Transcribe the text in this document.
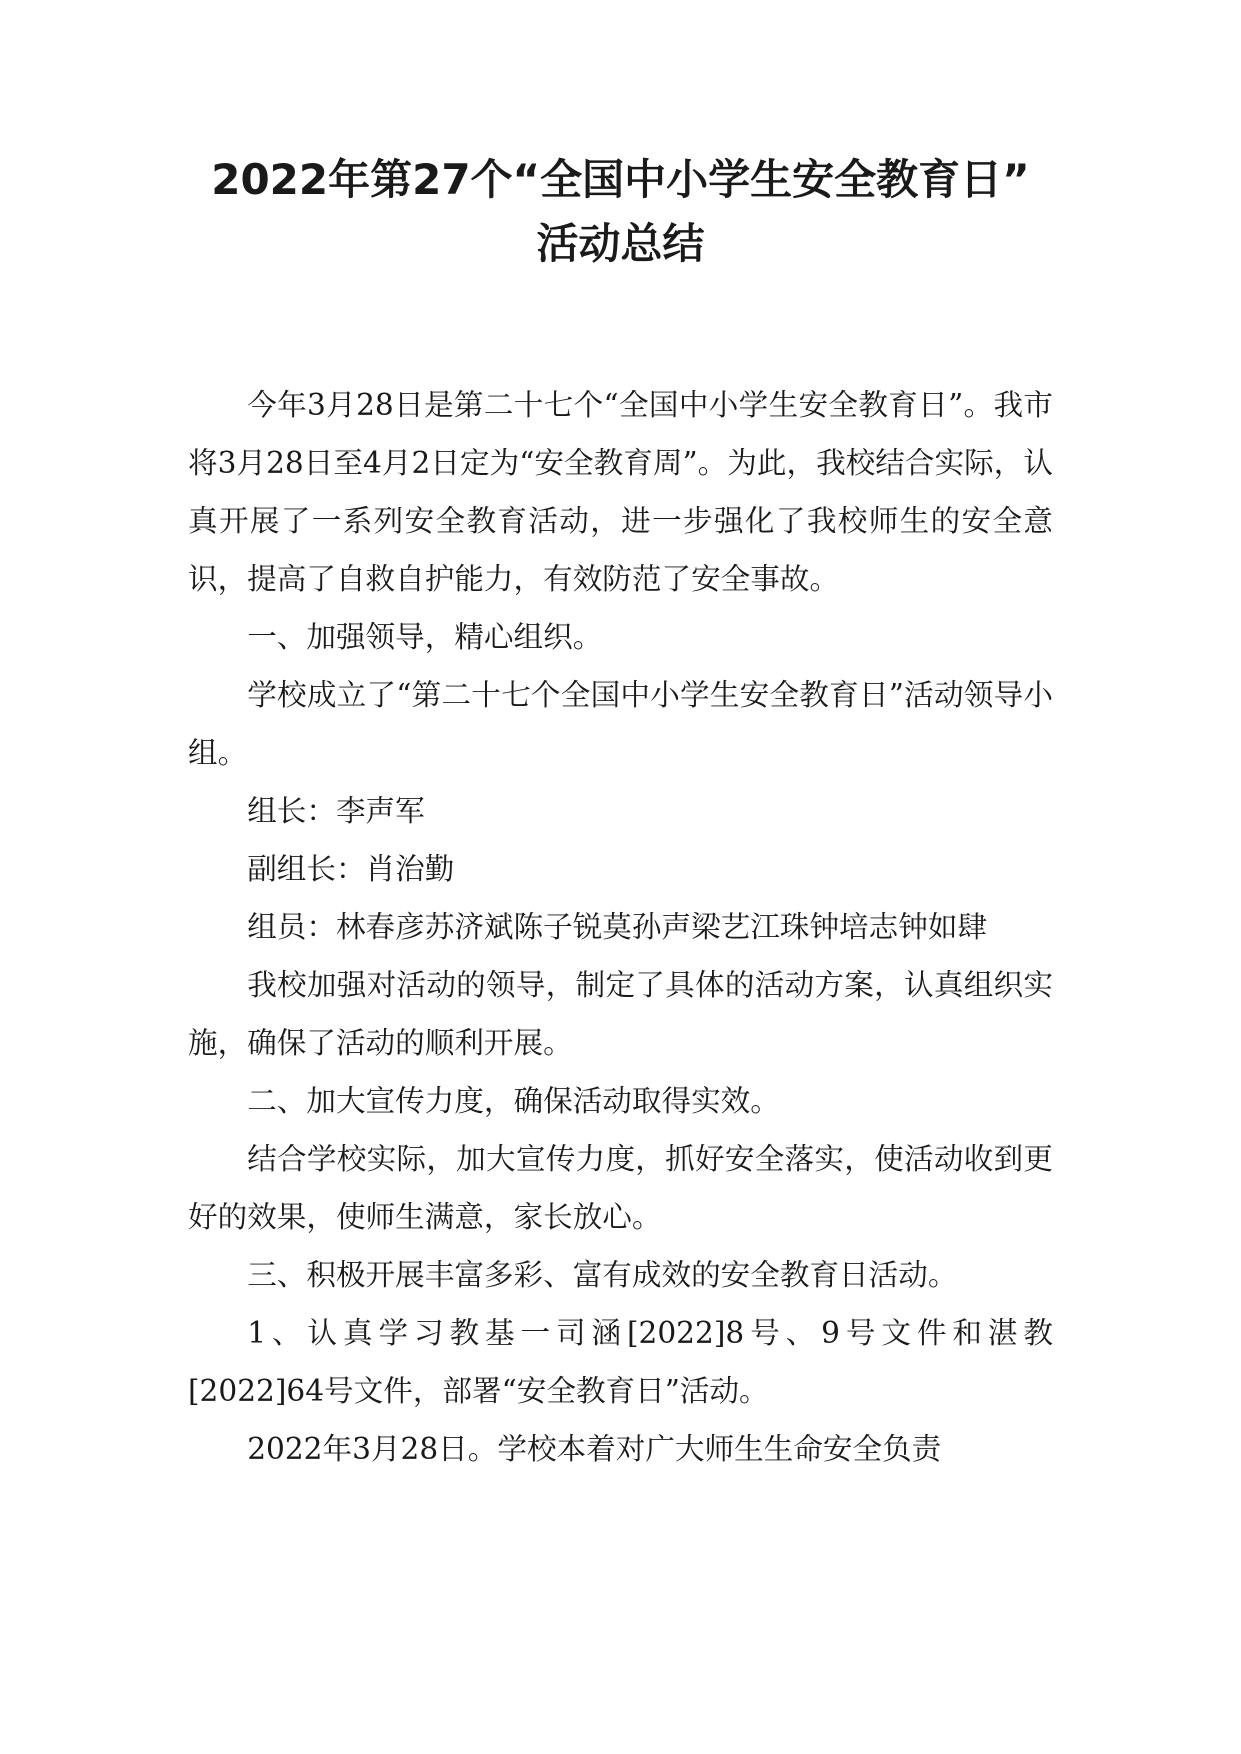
2022年第27个“全国中小学生安全教育日”
活动总结

今年3月28日是第二十七个“全国中小学生安全教育日”。我市将3月28日至4月2日定为“安全教育周”。为此，我校结合实际，认真开展了一系列安全教育活动，进一步强化了我校师生的安全意识，提高了自救自护能力，有效防范了安全事故。

一、加强领导，精心组织。

学校成立了“第二十七个全国中小学生安全教育日”活动领导小组。

组长：李声军

副组长：肖治勤

组员：林春彦苏济斌陈子锐莫孙声梁艺江珠钟培志钟如肆

我校加强对活动的领导，制定了具体的活动方案，认真组织实施，确保了活动的顺利开展。

二、加大宣传力度，确保活动取得实效。

结合学校实际，加大宣传力度，抓好安全落实，使活动收到更好的效果，使师生满意，家长放心。

三、积极开展丰富多彩、富有成效的安全教育日活动。

1、认真学习教基一司涵[2022]8号、9号文件和湛教[2022]64号文件，部署“安全教育日”活动。

2022年3月28日。学校本着对广大师生生命安全负责
